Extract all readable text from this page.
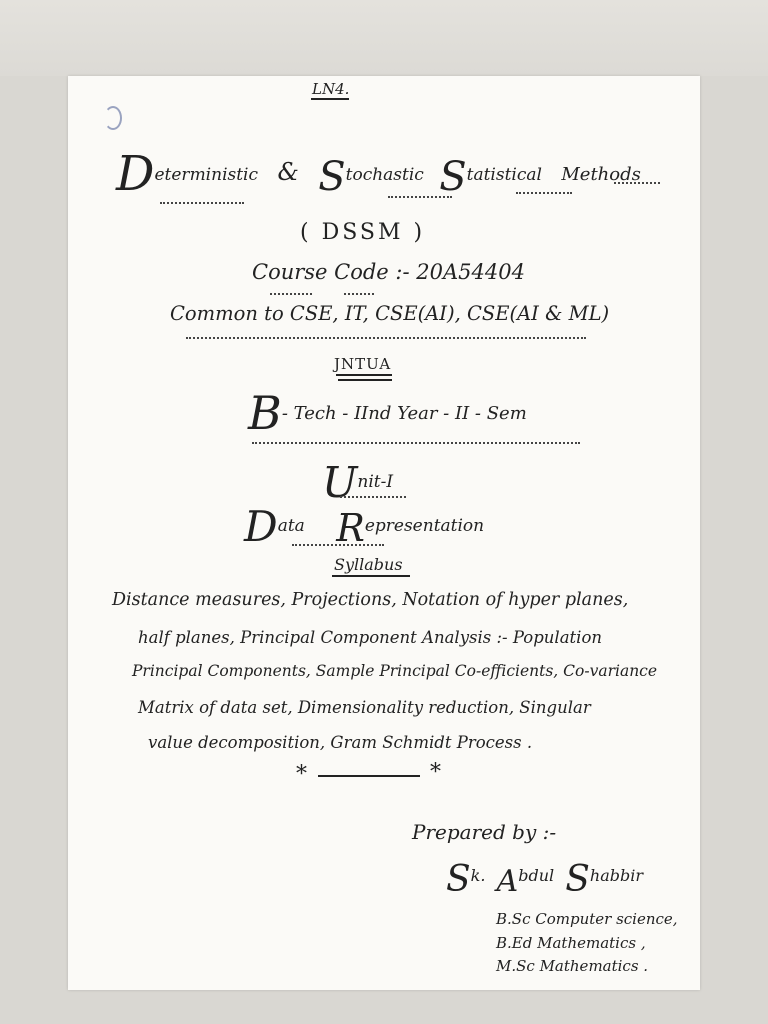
LN4.
Deterministic & Stochastic Statistical Methods
( DSSM )
Course Code :- 20A54404
Common to CSE, IT, CSE(AI), CSE(AI & ML)
JNTUA
B- Tech - IInd Year - II - Sem
Unit-I
Data Representation
Syllabus
Distance measures, Projections, Notation of hyper planes,
half planes, Principal Component Analysis :- Population
Principal Components, Sample Principal Co-efficients, Co-variance
Matrix of data set, Dimensionality reduction, Singular
value decomposition, Gram Schmidt Process .
*	*
Prepared by :-
Sk. Abdul Shabbir
B.Sc Computer science,
B.Ed Mathematics ,
M.Sc Mathematics .
